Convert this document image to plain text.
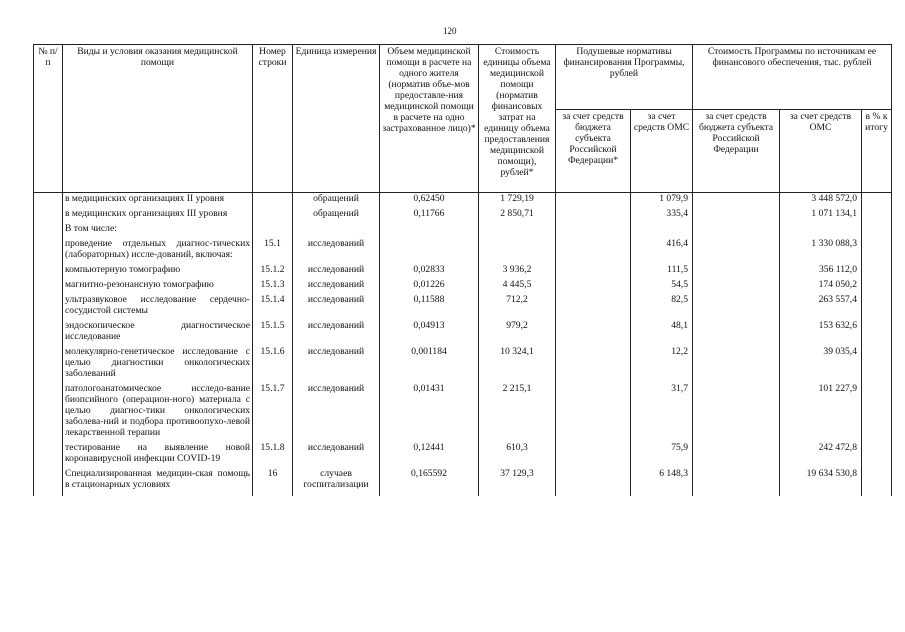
120
№ п/п	Виды и условия оказания медицинской помощи	Номер строки	Единица измерения	Объем медицинской помощи в расчете на одного жителя (норматив объе-мов предоставле-ния медицинской помощи в расчете на одно застрахованное лицо)*	Стоимость единицы объема медицинской помощи (норматив финансовых затрат на единицу объема предоставления медицинской помощи), рублей*	Подушевые нормативы финансирования Программы, рублей		Стоимость Программы по источникам ее финансового обеспечения, тыс. рублей		
						за счет средств бюджета субъекта Российской Федерации*	за счет средств ОМС	за счет средств бюджета субъекта Российской Федерации	за счет средств ОМС	в % к итогу
	в медицинских организациях II уровня		обращений	0,62450	1 729,19		1 079,9		3 448 572,0	
	в медицинских организациях III уровня		обращений	0,11766	2 850,71		335,4		1 071 134,1	
	В том числе:									
	проведение отдельных диагнос-тических (лабораторных) иссле-дований, включая:	15.1	исследований				416,4		1 330 088,3	
	компьютерную томографию	15.1.2	исследований	0,02833	3 936,2		111,5		356 112,0	
	магнитно-резонансную томографию	15.1.3	исследований	0,01226	4 445,5		54,5		174 050,2	
	ультразвуковое исследование сердечно-сосудистой системы	15.1.4	исследований	0,11588	712,2		82,5		263 557,4	
	эндоскопическое диагностическое исследование	15.1.5	исследований	0,04913	979,2		48,1		153 632,6	
	молекулярно-генетическое исследование с целью диагностики онкологических заболеваний	15.1.6	исследований	0,001184	10 324,1		12,2		39 035,4	
	патологоанатомическое исследо-вание биопсийного (операцион-ного) материала с целью диагнос-тики онкологических заболева-ний и подбора противоопухо-левой лекарственной терапии	15.1.7	исследований	0,01431	2 215,1		31,7		101 227,9	
	тестирование на выявление новой коронавирусной инфекции COVID-19	15.1.8	исследований	0,12441	610,3		75,9		242 472,8	
	Специализированная медицин-ская помощь в стационарных условиях	16	случаев госпитализации	0,165592	37 129,3		6 148,3		19 634 530,8	
